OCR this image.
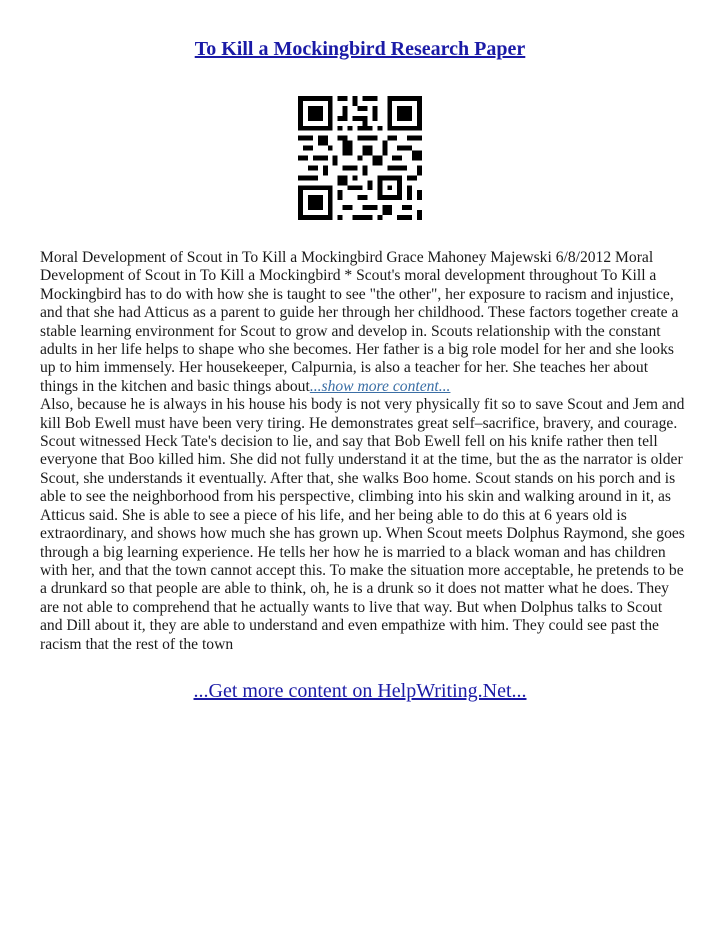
To Kill a Mockingbird Research Paper
Moral Development of Scout in To Kill a Mockingbird Grace Mahoney Majewski 6/8/2012 Moral Development of Scout in To Kill a Mockingbird * Scout's moral development throughout To Kill a Mockingbird has to do with how she is taught to see "the other", her exposure to racism and injustice, and that she had Atticus as a parent to guide her through her childhood. These factors together create a stable learning environment for Scout to grow and develop in. Scouts relationship with the constant adults in her life helps to shape who she becomes. Her father is a big role model for her and she looks up to him immensely. Her housekeeper, Calpurnia, is also a teacher for her. She teaches her about things in the kitchen and basic things about...show more content...
Also, because he is always in his house his body is not very physically fit so to save Scout and Jem and kill Bob Ewell must have been very tiring. He demonstrates great self–sacrifice, bravery, and courage. Scout witnessed Heck Tate's decision to lie, and say that Bob Ewell fell on his knife rather then tell everyone that Boo killed him. She did not fully understand it at the time, but the as the narrator is older Scout, she understands it eventually. After that, she walks Boo home. Scout stands on his porch and is able to see the neighborhood from his perspective, climbing into his skin and walking around in it, as Atticus said. She is able to see a piece of his life, and her being able to do this at 6 years old is extraordinary, and shows how much she has grown up. When Scout meets Dolphus Raymond, she goes through a big learning experience. He tells her how he is married to a black woman and has children with her, and that the town cannot accept this. To make the situation more acceptable, he pretends to be a drunkard so that people are able to think, oh, he is a drunk so it does not matter what he does. They are not able to comprehend that he actually wants to live that way. But when Dolphus talks to Scout and Dill about it, they are able to understand and even empathize with him. They could see past the racism that the rest of the town
...Get more content on HelpWriting.Net...
